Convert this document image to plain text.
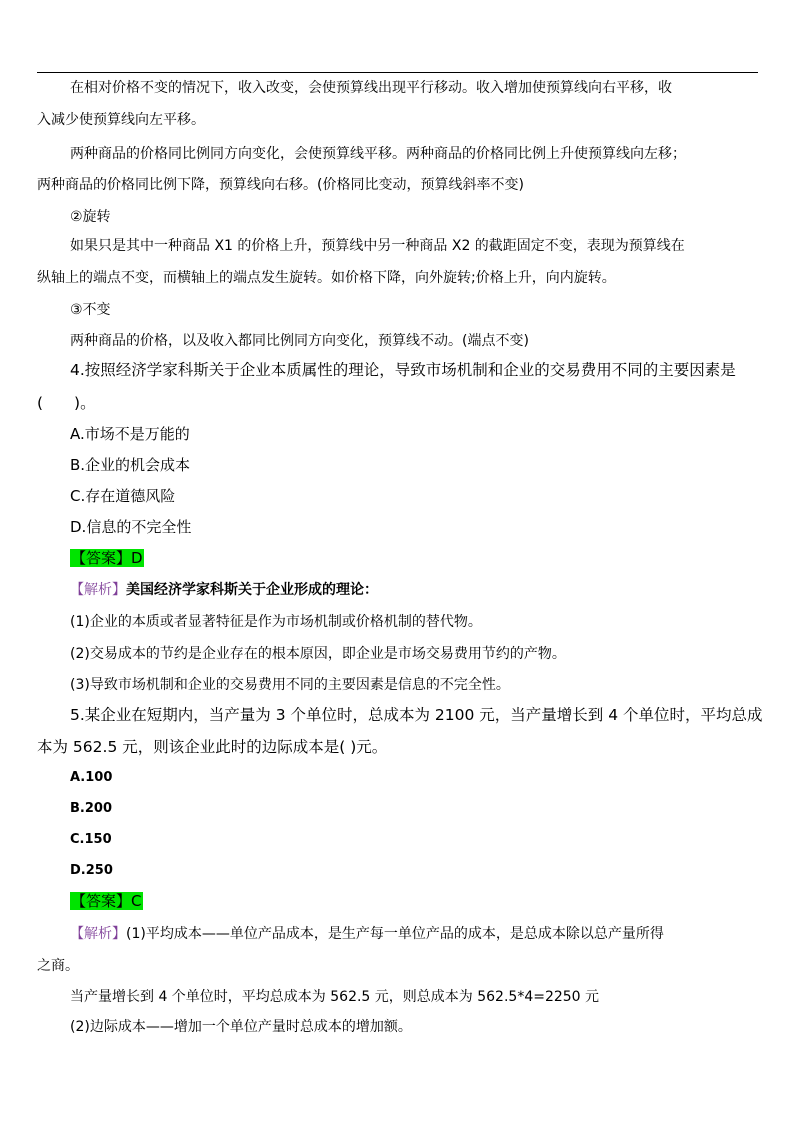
在相对价格不变的情况下，收入改变，会使预算线出现平行移动。收入增加使预算线向右平移，收
入减少使预算线向左平移。
两种商品的价格同比例同方向变化，会使预算线平移。两种商品的价格同比例上升使预算线向左移；
两种商品的价格同比例下降，预算线向右移。(价格同比变动，预算线斜率不变)
②旋转
如果只是其中一种商品 X1 的价格上升，预算线中另一种商品 X2 的截距固定不变，表现为预算线在
纵轴上的端点不变，而横轴上的端点发生旋转。如价格下降，向外旋转;价格上升，向内旋转。
③不变
两种商品的价格，以及收入都同比例同方向变化，预算线不动。(端点不变)
4.按照经济学家科斯关于企业本质属性的理论，导致市场机制和企业的交易费用不同的主要因素是
(　　)。
A.市场不是万能的
B.企业的机会成本
C.存在道德风险
D.信息的不完全性
【答案】D
【解析】美国经济学家科斯关于企业形成的理论：
(1)企业的本质或者显著特征是作为市场机制或价格机制的替代物。
(2)交易成本的节约是企业存在的根本原因，即企业是市场交易费用节约的产物。
(3)导致市场机制和企业的交易费用不同的主要因素是信息的不完全性。
5.某企业在短期内，当产量为 3 个单位时，总成本为 2100 元，当产量增长到 4 个单位时，平均总成
本为 562.5 元，则该企业此时的边际成本是( )元。
A.100
B.200
C.150
D.250
【答案】C
【解析】(1)平均成本——单位产品成本，是生产每一单位产品的成本，是总成本除以总产量所得
之商。
当产量增长到 4 个单位时，平均总成本为 562.5 元，则总成本为 562.5*4=2250 元
(2)边际成本——增加一个单位产量时总成本的增加额。
